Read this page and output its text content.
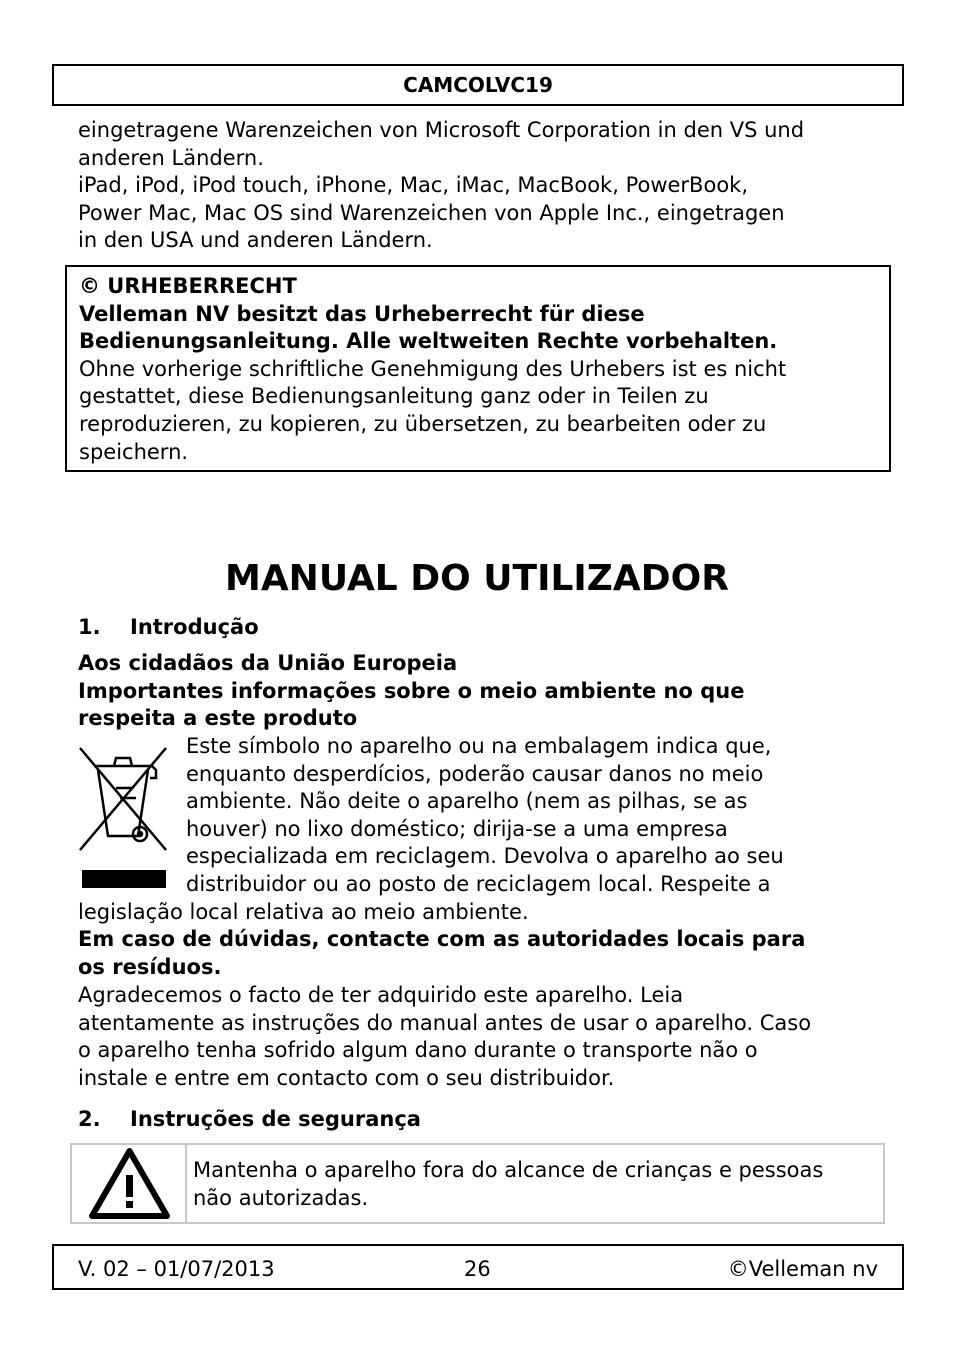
CAMCOLVC19
eingetragene Warenzeichen von Microsoft Corporation in den VS und
anderen Ländern.
iPad, iPod, iPod touch, iPhone, Mac, iMac, MacBook, PowerBook,
Power Mac, Mac OS sind Warenzeichen von Apple Inc., eingetragen
in den USA und anderen Ländern.
© URHEBERRECHT
Velleman NV besitzt das Urheberrecht für diese
Bedienungsanleitung. Alle weltweiten Rechte vorbehalten.
Ohne vorherige schriftliche Genehmigung des Urhebers ist es nicht
gestattet, diese Bedienungsanleitung ganz oder in Teilen zu
reproduzieren, zu kopieren, zu übersetzen, zu bearbeiten oder zu
speichern.
MANUAL DO UTILIZADOR
1. Introdução
Aos cidadãos da União Europeia
Importantes informações sobre o meio ambiente no que
respeita a este produto
Este símbolo no aparelho ou na embalagem indica que,
enquanto desperdícios, poderão causar danos no meio
ambiente. Não deite o aparelho (nem as pilhas, se as
houver) no lixo doméstico; dirija-se a uma empresa
especializada em reciclagem. Devolva o aparelho ao seu
distribuidor ou ao posto de reciclagem local. Respeite a
legislação local relativa ao meio ambiente.
Em caso de dúvidas, contacte com as autoridades locais para
os resíduos.
Agradecemos o facto de ter adquirido este aparelho. Leia
atentamente as instruções do manual antes de usar o aparelho. Caso
o aparelho tenha sofrido algum dano durante o transporte não o
instale e entre em contacto com o seu distribuidor.
2. Instruções de segurança
Mantenha o aparelho fora do alcance de crianças e pessoas
não autorizadas.
V. 02 – 01/07/2013	26	©Velleman nv
